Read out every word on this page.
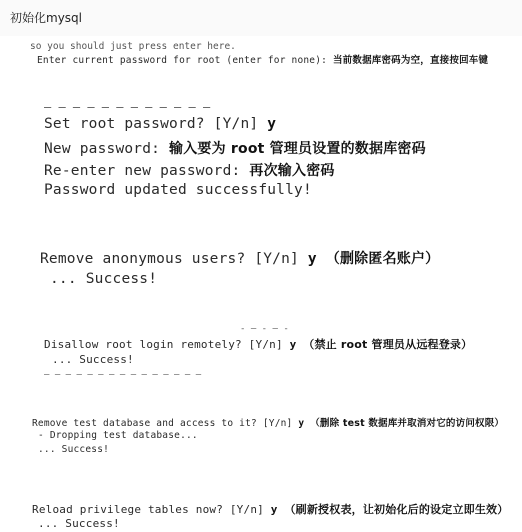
初始化mysql
so you should just press enter here.
Enter current password for root (enter for none): 当前数据库密码为空，直接按回车键
— — — — — — — — — — — —
Set root password? [Y/n] y
New password: 输入要为 root 管理员设置的数据库密码
Re-enter new password: 再次输入密码
Password updated successfully!
Remove anonymous users? [Y/n] y （删除匿名账户）
... Success!
- — - — -
Disallow root login remotely? [Y/n] y （禁止 root 管理员从远程登录）
... Success!
— — — — — — — — — — — — — — —
Remove test database and access to it? [Y/n] y （删除 test 数据库并取消对它的访问权限）
- Dropping test database...
... Success!
Reload privilege tables now? [Y/n] y （刷新授权表，让初始化后的设定立即生效）
... Success!
